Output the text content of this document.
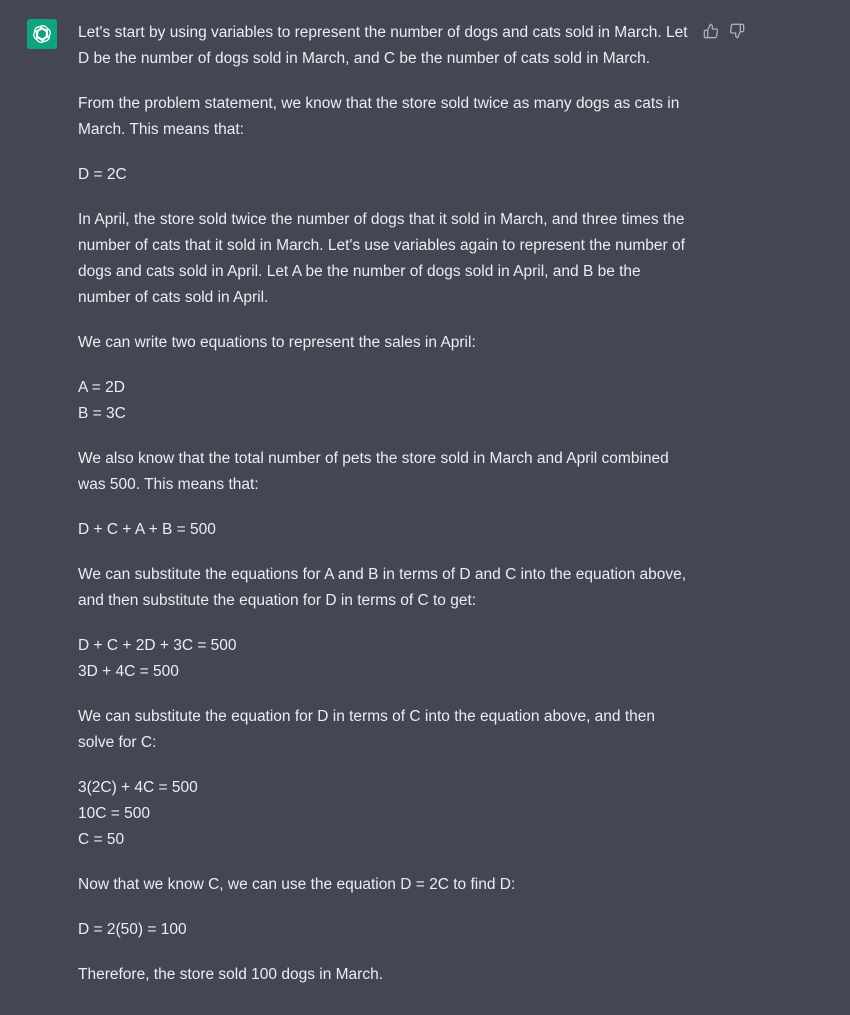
Let's start by using variables to represent the number of dogs and cats sold in March. Let D be the number of dogs sold in March, and C be the number of cats sold in March.

From the problem statement, we know that the store sold twice as many dogs as cats in March. This means that:

D = 2C

In April, the store sold twice the number of dogs that it sold in March, and three times the number of cats that it sold in March. Let's use variables again to represent the number of dogs and cats sold in April. Let A be the number of dogs sold in April, and B be the number of cats sold in April.

We can write two equations to represent the sales in April:

A = 2D
B = 3C

We also know that the total number of pets the store sold in March and April combined was 500. This means that:

D + C + A + B = 500

We can substitute the equations for A and B in terms of D and C into the equation above, and then substitute the equation for D in terms of C to get:

D + C + 2D + 3C = 500
3D + 4C = 500

We can substitute the equation for D in terms of C into the equation above, and then solve for C:

3(2C) + 4C = 500
10C = 500
C = 50

Now that we know C, we can use the equation D = 2C to find D:

D = 2(50) = 100

Therefore, the store sold 100 dogs in March.
